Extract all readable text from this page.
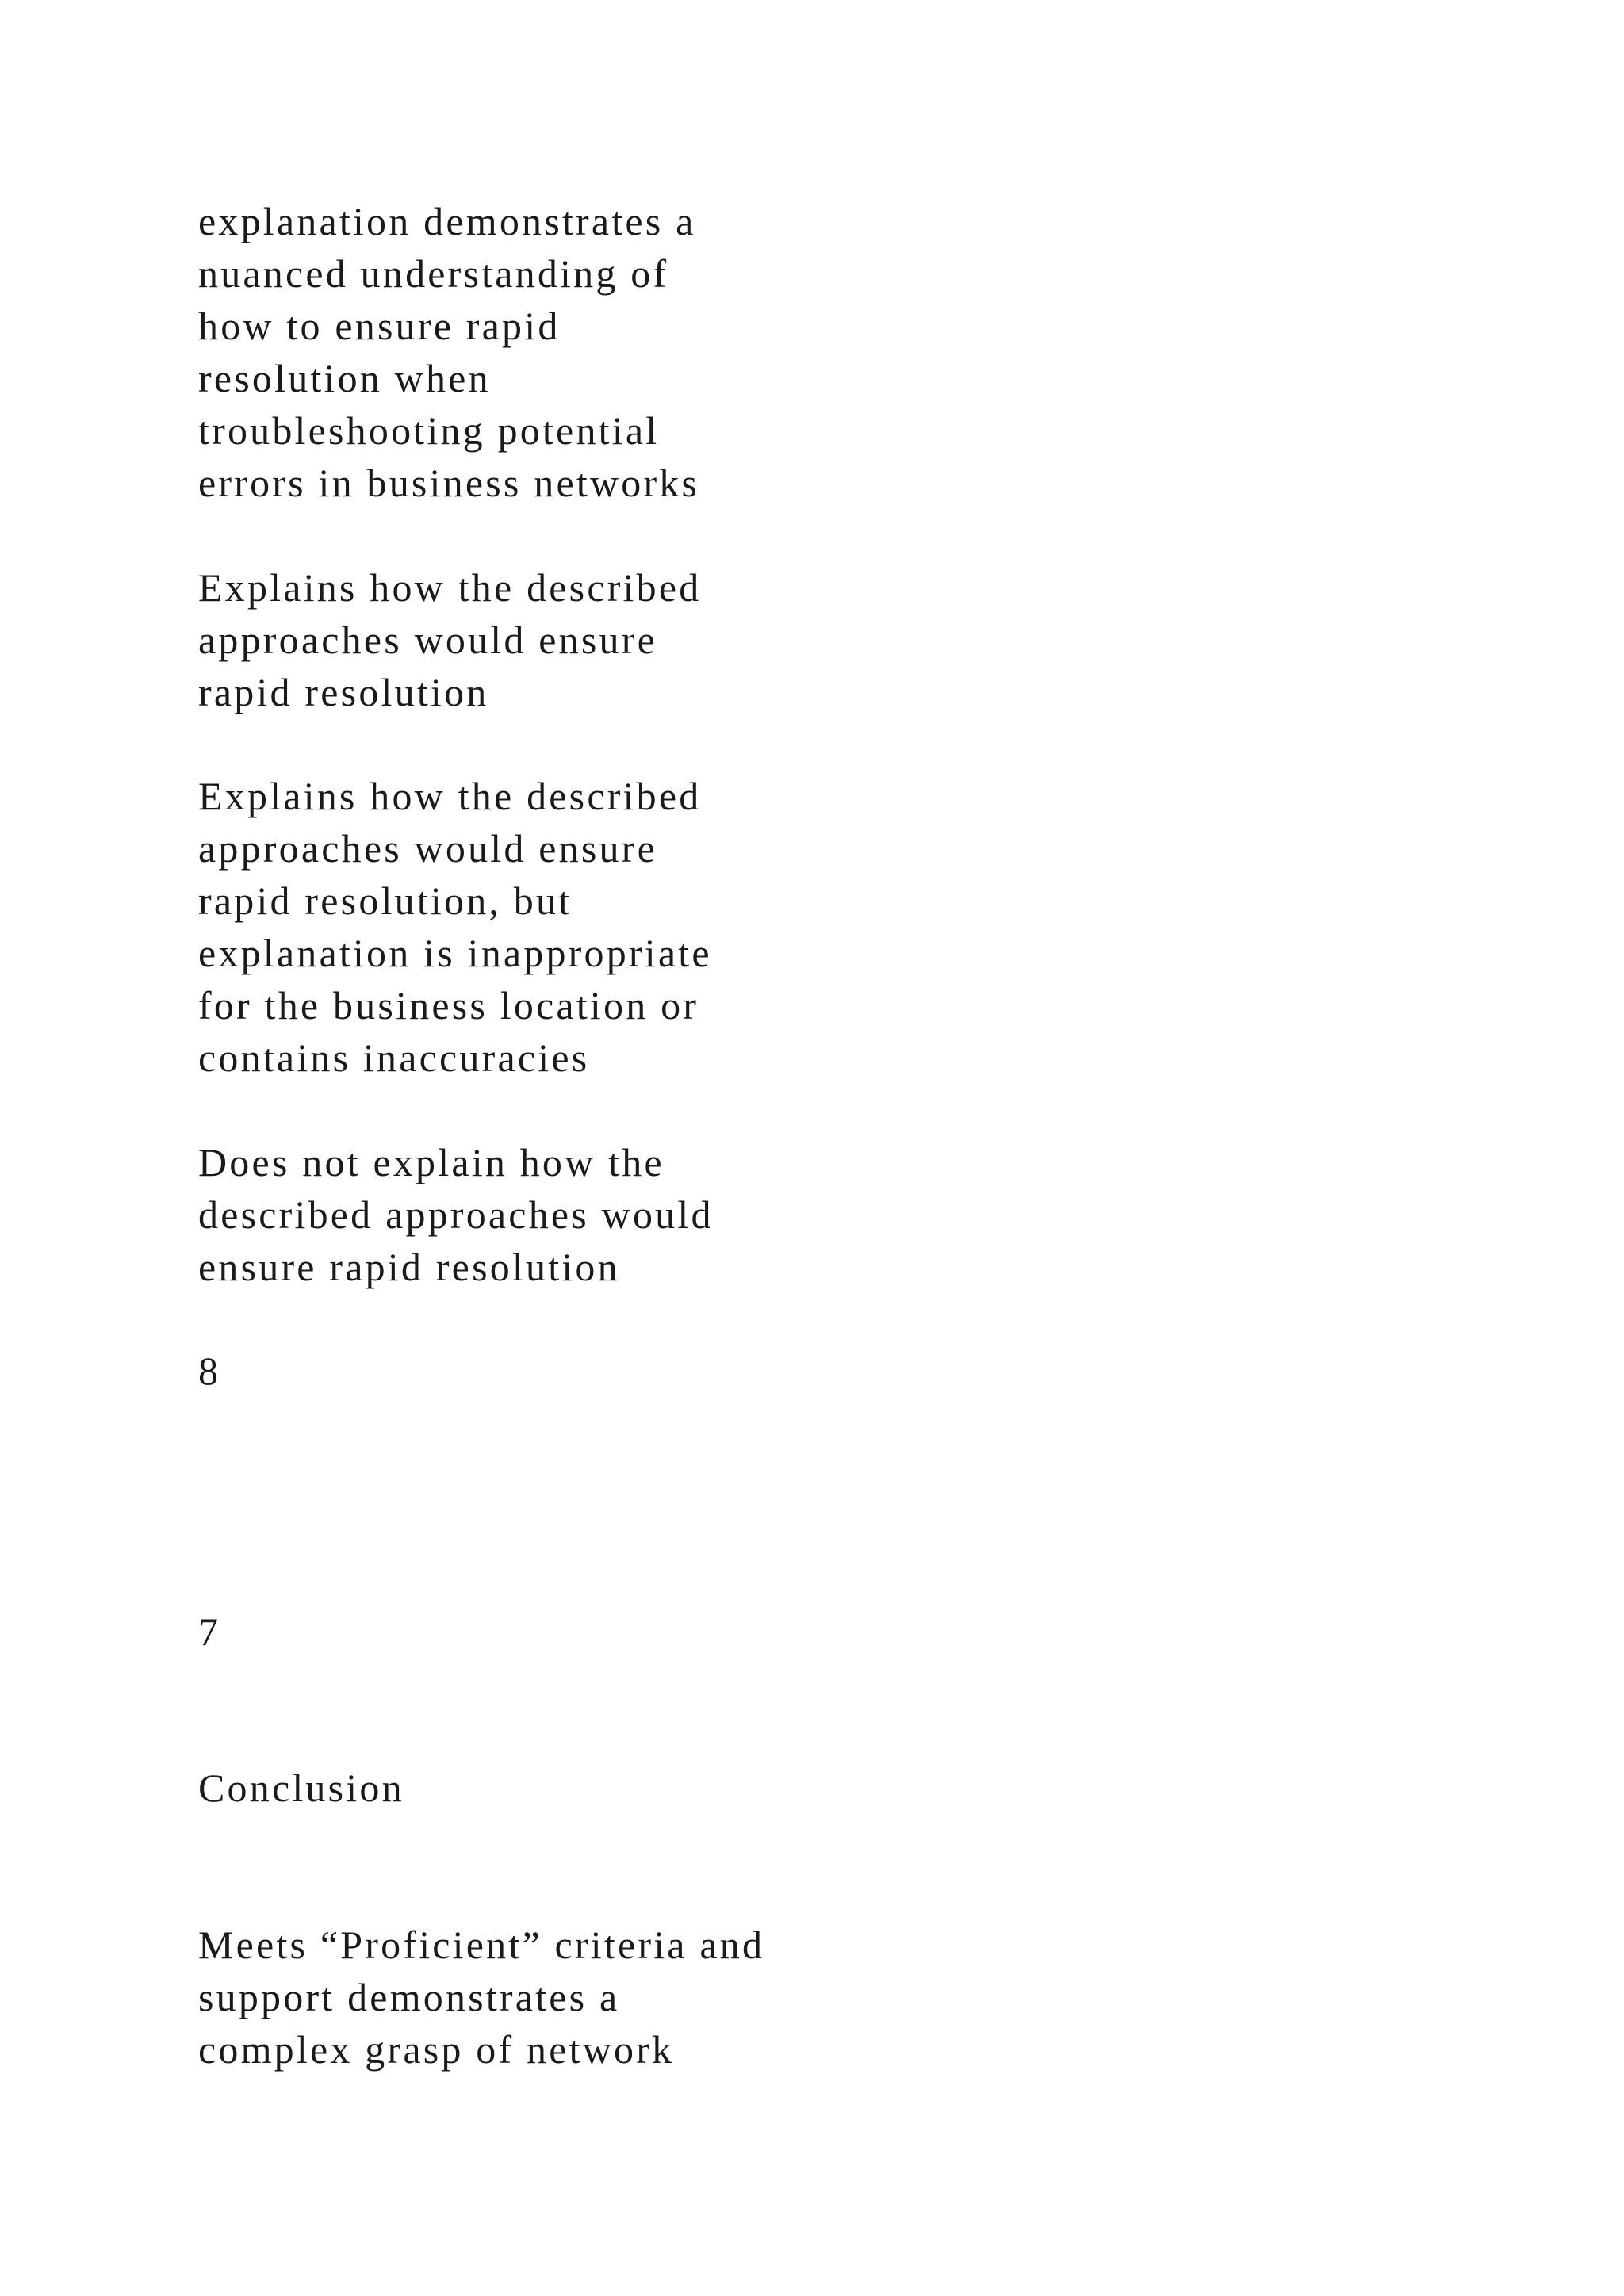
explanation demonstrates a

nuanced understanding of

how to ensure rapid

resolution when

troubleshooting potential

errors in business networks

Explains how the described

approaches would ensure

rapid resolution

Explains how the described

approaches would ensure

rapid resolution, but

explanation is inappropriate

for the business location or

contains inaccuracies

Does not explain how the

described approaches would

ensure rapid resolution

8

7

Conclusion

Meets “Proficient” criteria and

support demonstrates a

complex grasp of network
